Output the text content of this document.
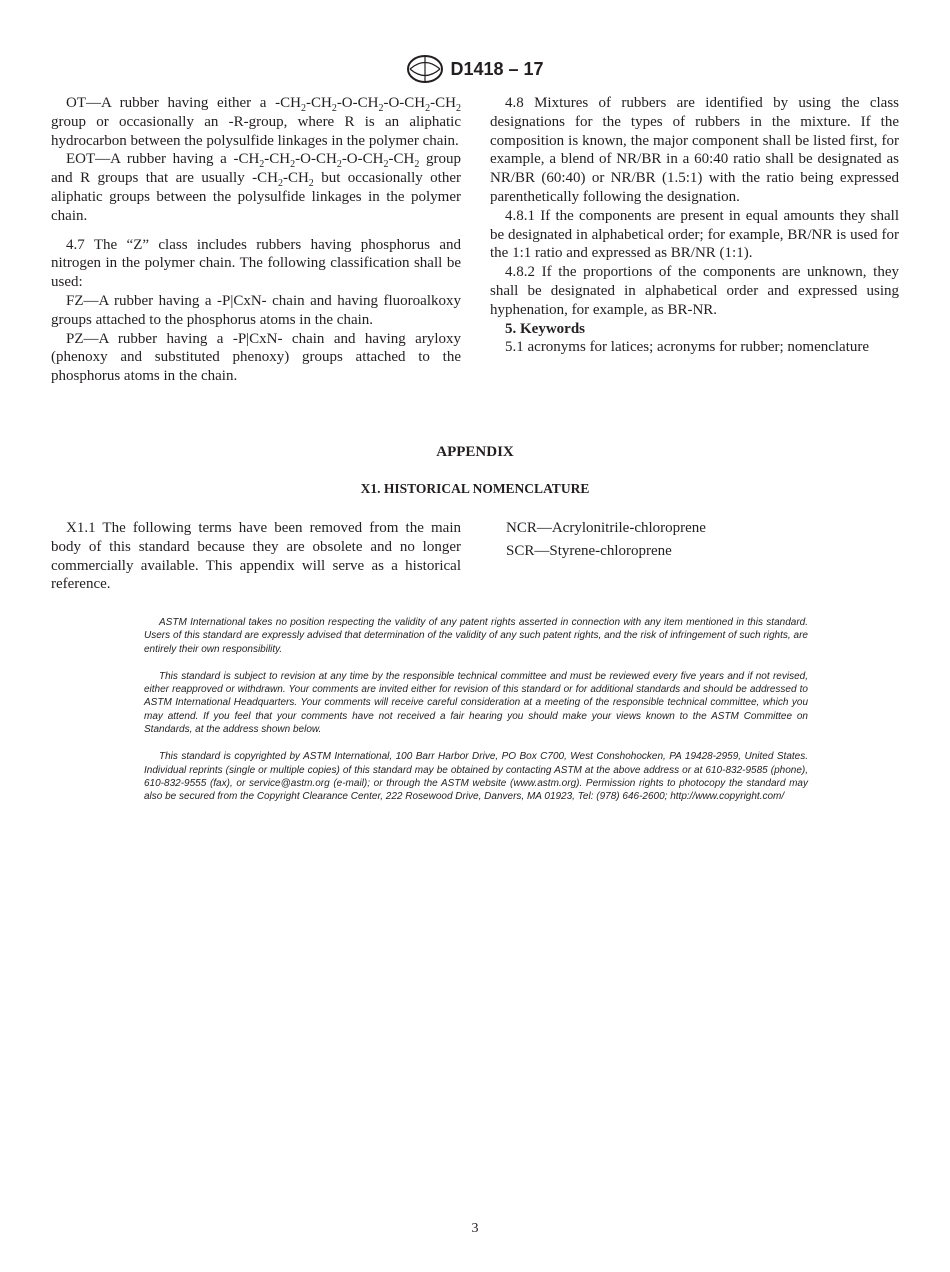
D1418 – 17

OT—A rubber having either a $-CH_2-CH_2-O-CH_2-O-CH_2-CH_2$ group or occasionally an -R-group, where R is an aliphatic hydrocarbon between the polysulfide linkages in the polymer chain.

EOT—A rubber having a $-CH_2-CH_2-O-CH_2-O-CH_2-CH_2$ group and R groups that are usually $-CH_2-CH_2$ but occasionally other aliphatic groups between the polysulfide linkages in the polymer chain.

4.7 The “Z” class includes rubbers having phosphorus and nitrogen in the polymer chain. The following classification shall be used:

FZ—A rubber having a -P|CxN- chain and having fluoroalkoxy groups attached to the phosphorus atoms in the chain.

PZ—A rubber having a -P|CxN- chain and having aryloxy (phenoxy and substituted phenoxy) groups attached to the phosphorus atoms in the chain.

4.8 Mixtures of rubbers are identified by using the class designations for the types of rubbers in the mixture. If the composition is known, the major component shall be listed first, for example, a blend of NR/BR in a 60:40 ratio shall be designated as NR/BR (60:40) or NR/BR (1.5:1) with the ratio being expressed parenthetically following the designation.

4.8.1 If the components are present in equal amounts they shall be designated in alphabetical order; for example, BR/NR is used for the 1:1 ratio and expressed as BR/NR (1:1).

4.8.2 If the proportions of the components are unknown, they shall be designated in alphabetical order and expressed using hyphenation, for example, as BR-NR.

5. Keywords

5.1 acronyms for latices; acronyms for rubber; nomenclature

APPENDIX
X1. HISTORICAL NOMENCLATURE

X1.1 The following terms have been removed from the main body of this standard because they are obsolete and no longer commercially available. This appendix will serve as a historical reference.

NCR—Acrylonitrile-chloroprene

SCR—Styrene-chloroprene

ASTM International takes no position respecting the validity of any patent rights asserted in connection with any item mentioned in this standard. Users of this standard are expressly advised that determination of the validity of any such patent rights, and the risk of infringement of such rights, are entirely their own responsibility.

This standard is subject to revision at any time by the responsible technical committee and must be reviewed every five years and if not revised, either reapproved or withdrawn. Your comments are invited either for revision of this standard or for additional standards and should be addressed to ASTM International Headquarters. Your comments will receive careful consideration at a meeting of the responsible technical committee, which you may attend. If you feel that your comments have not received a fair hearing you should make your views known to the ASTM Committee on Standards, at the address shown below.

This standard is copyrighted by ASTM International, 100 Barr Harbor Drive, PO Box C700, West Conshohocken, PA 19428-2959, United States. Individual reprints (single or multiple copies) of this standard may be obtained by contacting ASTM at the above address or at 610-832-9585 (phone), 610-832-9555 (fax), or service@astm.org (e-mail); or through the ASTM website (www.astm.org). Permission rights to photocopy the standard may also be secured from the Copyright Clearance Center, 222 Rosewood Drive, Danvers, MA 01923, Tel: (978) 646-2600; http://www.copyright.com/

3
